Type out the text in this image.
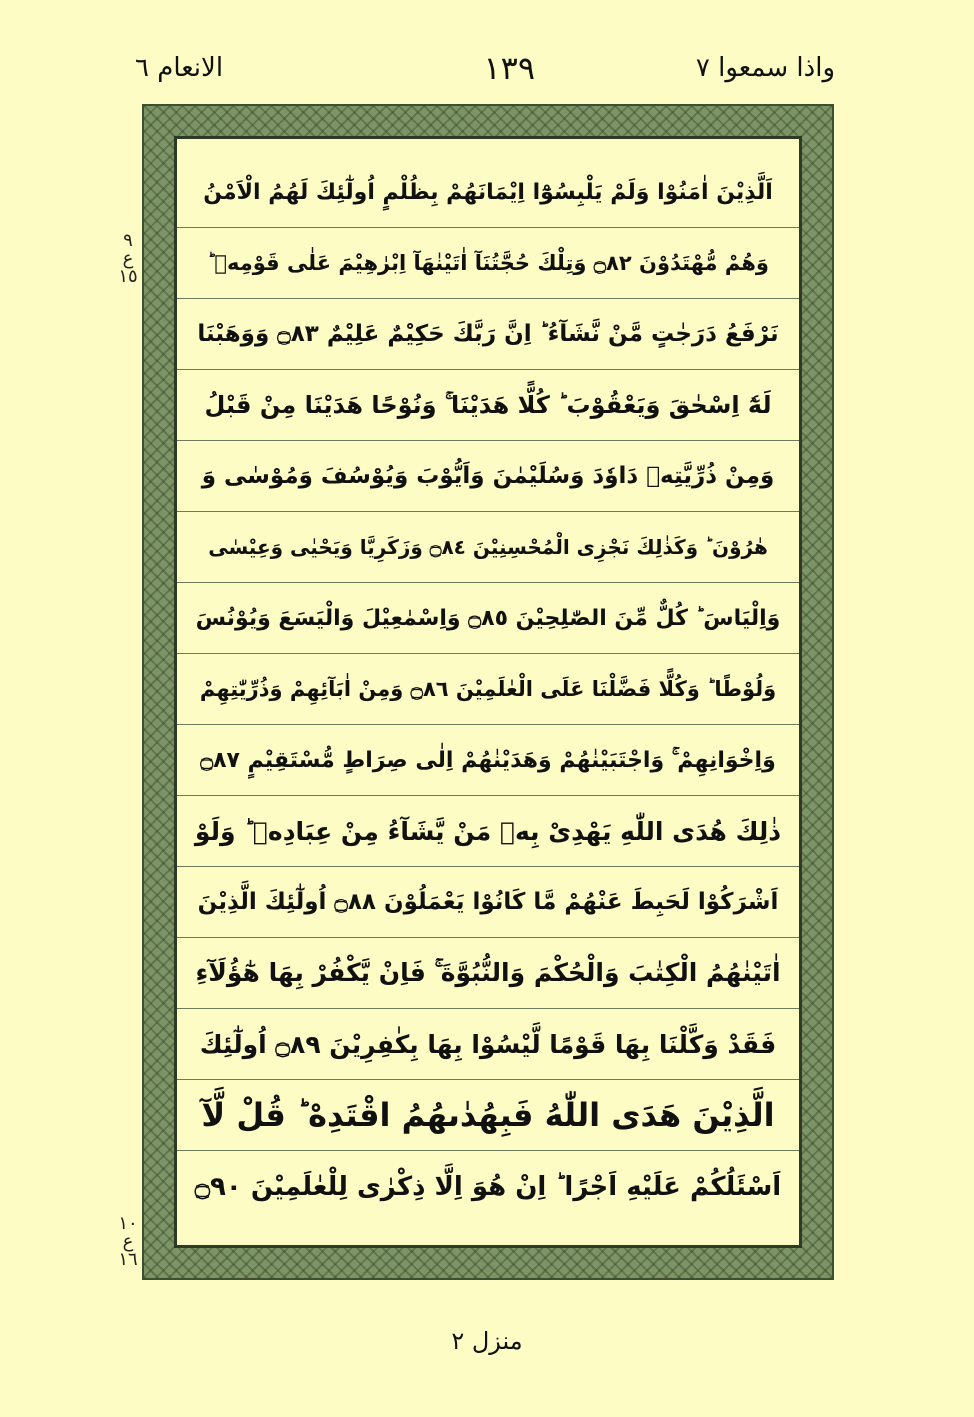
واذا سمعوا ٧
١٣٩
الانعام ٦
٩
ع
١٥
١٠
ع
١٦
اَلَّذِيْنَ اٰمَنُوْا وَلَمْ يَلْبِسُوْٓا اِيْمَانَهُمْ بِظُلْمٍ اُولٰٓئِكَ لَهُمُ الْاَمْنُ
وَهُمْ مُّهْتَدُوْنَ ۝٨٢ وَتِلْكَ حُجَّتُنَآ اٰتَيْنٰهَآ اِبْرٰهِيْمَ عَلٰى قَوْمِهٖ ؕ
نَرْفَعُ دَرَجٰتٍ مَّنْ نَّشَآءُ ؕ اِنَّ رَبَّكَ حَكِيْمٌ عَلِيْمٌ ۝٨٣ وَوَهَبْنَا
لَهٗٓ اِسْحٰقَ وَيَعْقُوْبَ ؕ كُلًّا هَدَيْنَا ۚ وَنُوْحًا هَدَيْنَا مِنْ قَبْلُ
وَمِنْ ذُرِّيَّتِهٖ دَاوٗدَ وَسُلَيْمٰنَ وَاَيُّوْبَ وَيُوْسُفَ وَمُوْسٰى وَ
هٰرُوْنَ ؕ وَكَذٰلِكَ نَجْزِى الْمُحْسِنِيْنَ ۝٨٤ وَزَكَرِيَّا وَيَحْيٰى وَعِيْسٰى
وَاِلْيَاسَ ؕ كُلٌّ مِّنَ الصّٰلِحِيْنَ ۝٨٥ وَاِسْمٰعِيْلَ وَالْيَسَعَ وَيُوْنُسَ
وَلُوْطًا ؕ وَكُلًّا فَضَّلْنَا عَلَى الْعٰلَمِيْنَ ۝٨٦ وَمِنْ اٰبَآئِهِمْ وَذُرِّيّٰتِهِمْ
وَاِخْوَانِهِمْ ۚ وَاجْتَبَيْنٰهُمْ وَهَدَيْنٰهُمْ اِلٰى صِرَاطٍ مُّسْتَقِيْمٍ ۝٨٧
ذٰلِكَ هُدَى اللّٰهِ يَهْدِىْ بِهٖ مَنْ يَّشَآءُ مِنْ عِبَادِهٖ ؕ وَلَوْ
اَشْرَكُوْا لَحَبِطَ عَنْهُمْ مَّا كَانُوْا يَعْمَلُوْنَ ۝٨٨ اُولٰٓئِكَ الَّذِيْنَ
اٰتَيْنٰهُمُ الْكِتٰبَ وَالْحُكْمَ وَالنُّبُوَّةَ ۚ فَاِنْ يَّكْفُرْ بِهَا هٰٓؤُلَآءِ
فَقَدْ وَكَّلْنَا بِهَا قَوْمًا لَّيْسُوْا بِهَا بِكٰفِرِيْنَ ۝٨٩ اُولٰٓئِكَ
الَّذِيْنَ هَدَى اللّٰهُ فَبِهُدٰىهُمُ اقْتَدِهْ ؕ قُلْ لَّآ
اَسْئَلُكُمْ عَلَيْهِ اَجْرًا ؕ اِنْ هُوَ اِلَّا ذِكْرٰى لِلْعٰلَمِيْنَ ۝٩٠
منزل ٢
